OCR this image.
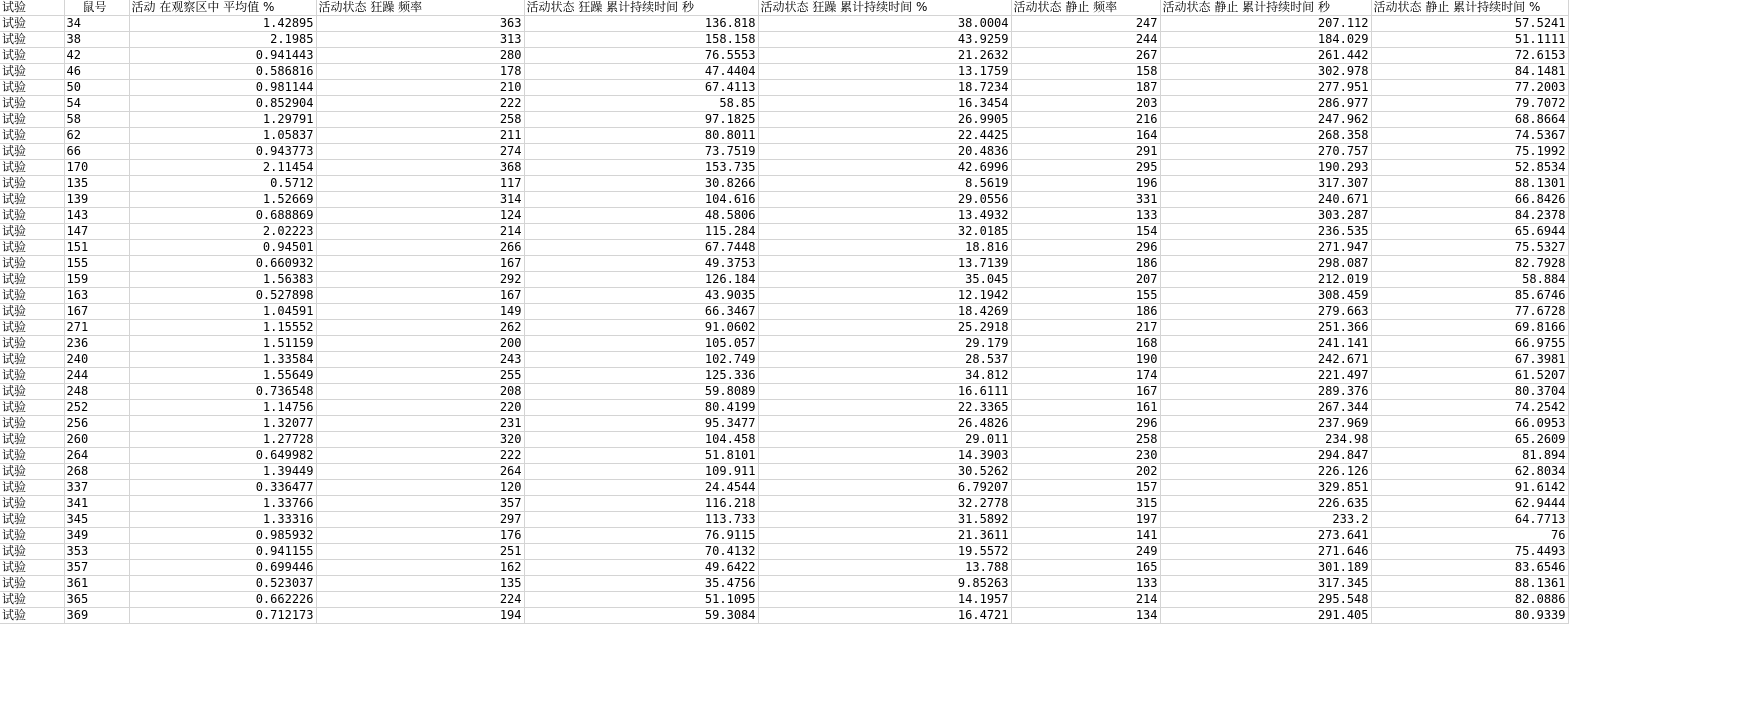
试验	鼠号	活动 在观察区中 平均值 %	活动状态 狂躁 频率	活动状态 狂躁 累计持续时间 秒	活动状态 狂躁 累计持续时间 %	活动状态 静止 频率	活动状态 静止 累计持续时间 秒	活动状态 静止 累计持续时间 %
试验	34	1.42895	363	136.818	38.0004	247	207.112	57.5241
试验	38	2.1985	313	158.158	43.9259	244	184.029	51.1111
试验	42	0.941443	280	76.5553	21.2632	267	261.442	72.6153
试验	46	0.586816	178	47.4404	13.1759	158	302.978	84.1481
试验	50	0.981144	210	67.4113	18.7234	187	277.951	77.2003
试验	54	0.852904	222	58.85	16.3454	203	286.977	79.7072
试验	58	1.29791	258	97.1825	26.9905	216	247.962	68.8664
试验	62	1.05837	211	80.8011	22.4425	164	268.358	74.5367
试验	66	0.943773	274	73.7519	20.4836	291	270.757	75.1992
试验	170	2.11454	368	153.735	42.6996	295	190.293	52.8534
试验	135	0.5712	117	30.8266	8.5619	196	317.307	88.1301
试验	139	1.52669	314	104.616	29.0556	331	240.671	66.8426
试验	143	0.688869	124	48.5806	13.4932	133	303.287	84.2378
试验	147	2.02223	214	115.284	32.0185	154	236.535	65.6944
试验	151	0.94501	266	67.7448	18.816	296	271.947	75.5327
试验	155	0.660932	167	49.3753	13.7139	186	298.087	82.7928
试验	159	1.56383	292	126.184	35.045	207	212.019	58.884
试验	163	0.527898	167	43.9035	12.1942	155	308.459	85.6746
试验	167	1.04591	149	66.3467	18.4269	186	279.663	77.6728
试验	271	1.15552	262	91.0602	25.2918	217	251.366	69.8166
试验	236	1.51159	200	105.057	29.179	168	241.141	66.9755
试验	240	1.33584	243	102.749	28.537	190	242.671	67.3981
试验	244	1.55649	255	125.336	34.812	174	221.497	61.5207
试验	248	0.736548	208	59.8089	16.6111	167	289.376	80.3704
试验	252	1.14756	220	80.4199	22.3365	161	267.344	74.2542
试验	256	1.32077	231	95.3477	26.4826	296	237.969	66.0953
试验	260	1.27728	320	104.458	29.011	258	234.98	65.2609
试验	264	0.649982	222	51.8101	14.3903	230	294.847	81.894
试验	268	1.39449	264	109.911	30.5262	202	226.126	62.8034
试验	337	0.336477	120	24.4544	6.79207	157	329.851	91.6142
试验	341	1.33766	357	116.218	32.2778	315	226.635	62.9444
试验	345	1.33316	297	113.733	31.5892	197	233.2	64.7713
试验	349	0.985932	176	76.9115	21.3611	141	273.641	76
试验	353	0.941155	251	70.4132	19.5572	249	271.646	75.4493
试验	357	0.699446	162	49.6422	13.788	165	301.189	83.6546
试验	361	0.523037	135	35.4756	9.85263	133	317.345	88.1361
试验	365	0.662226	224	51.1095	14.1957	214	295.548	82.0886
试验	369	0.712173	194	59.3084	16.4721	134	291.405	80.9339
